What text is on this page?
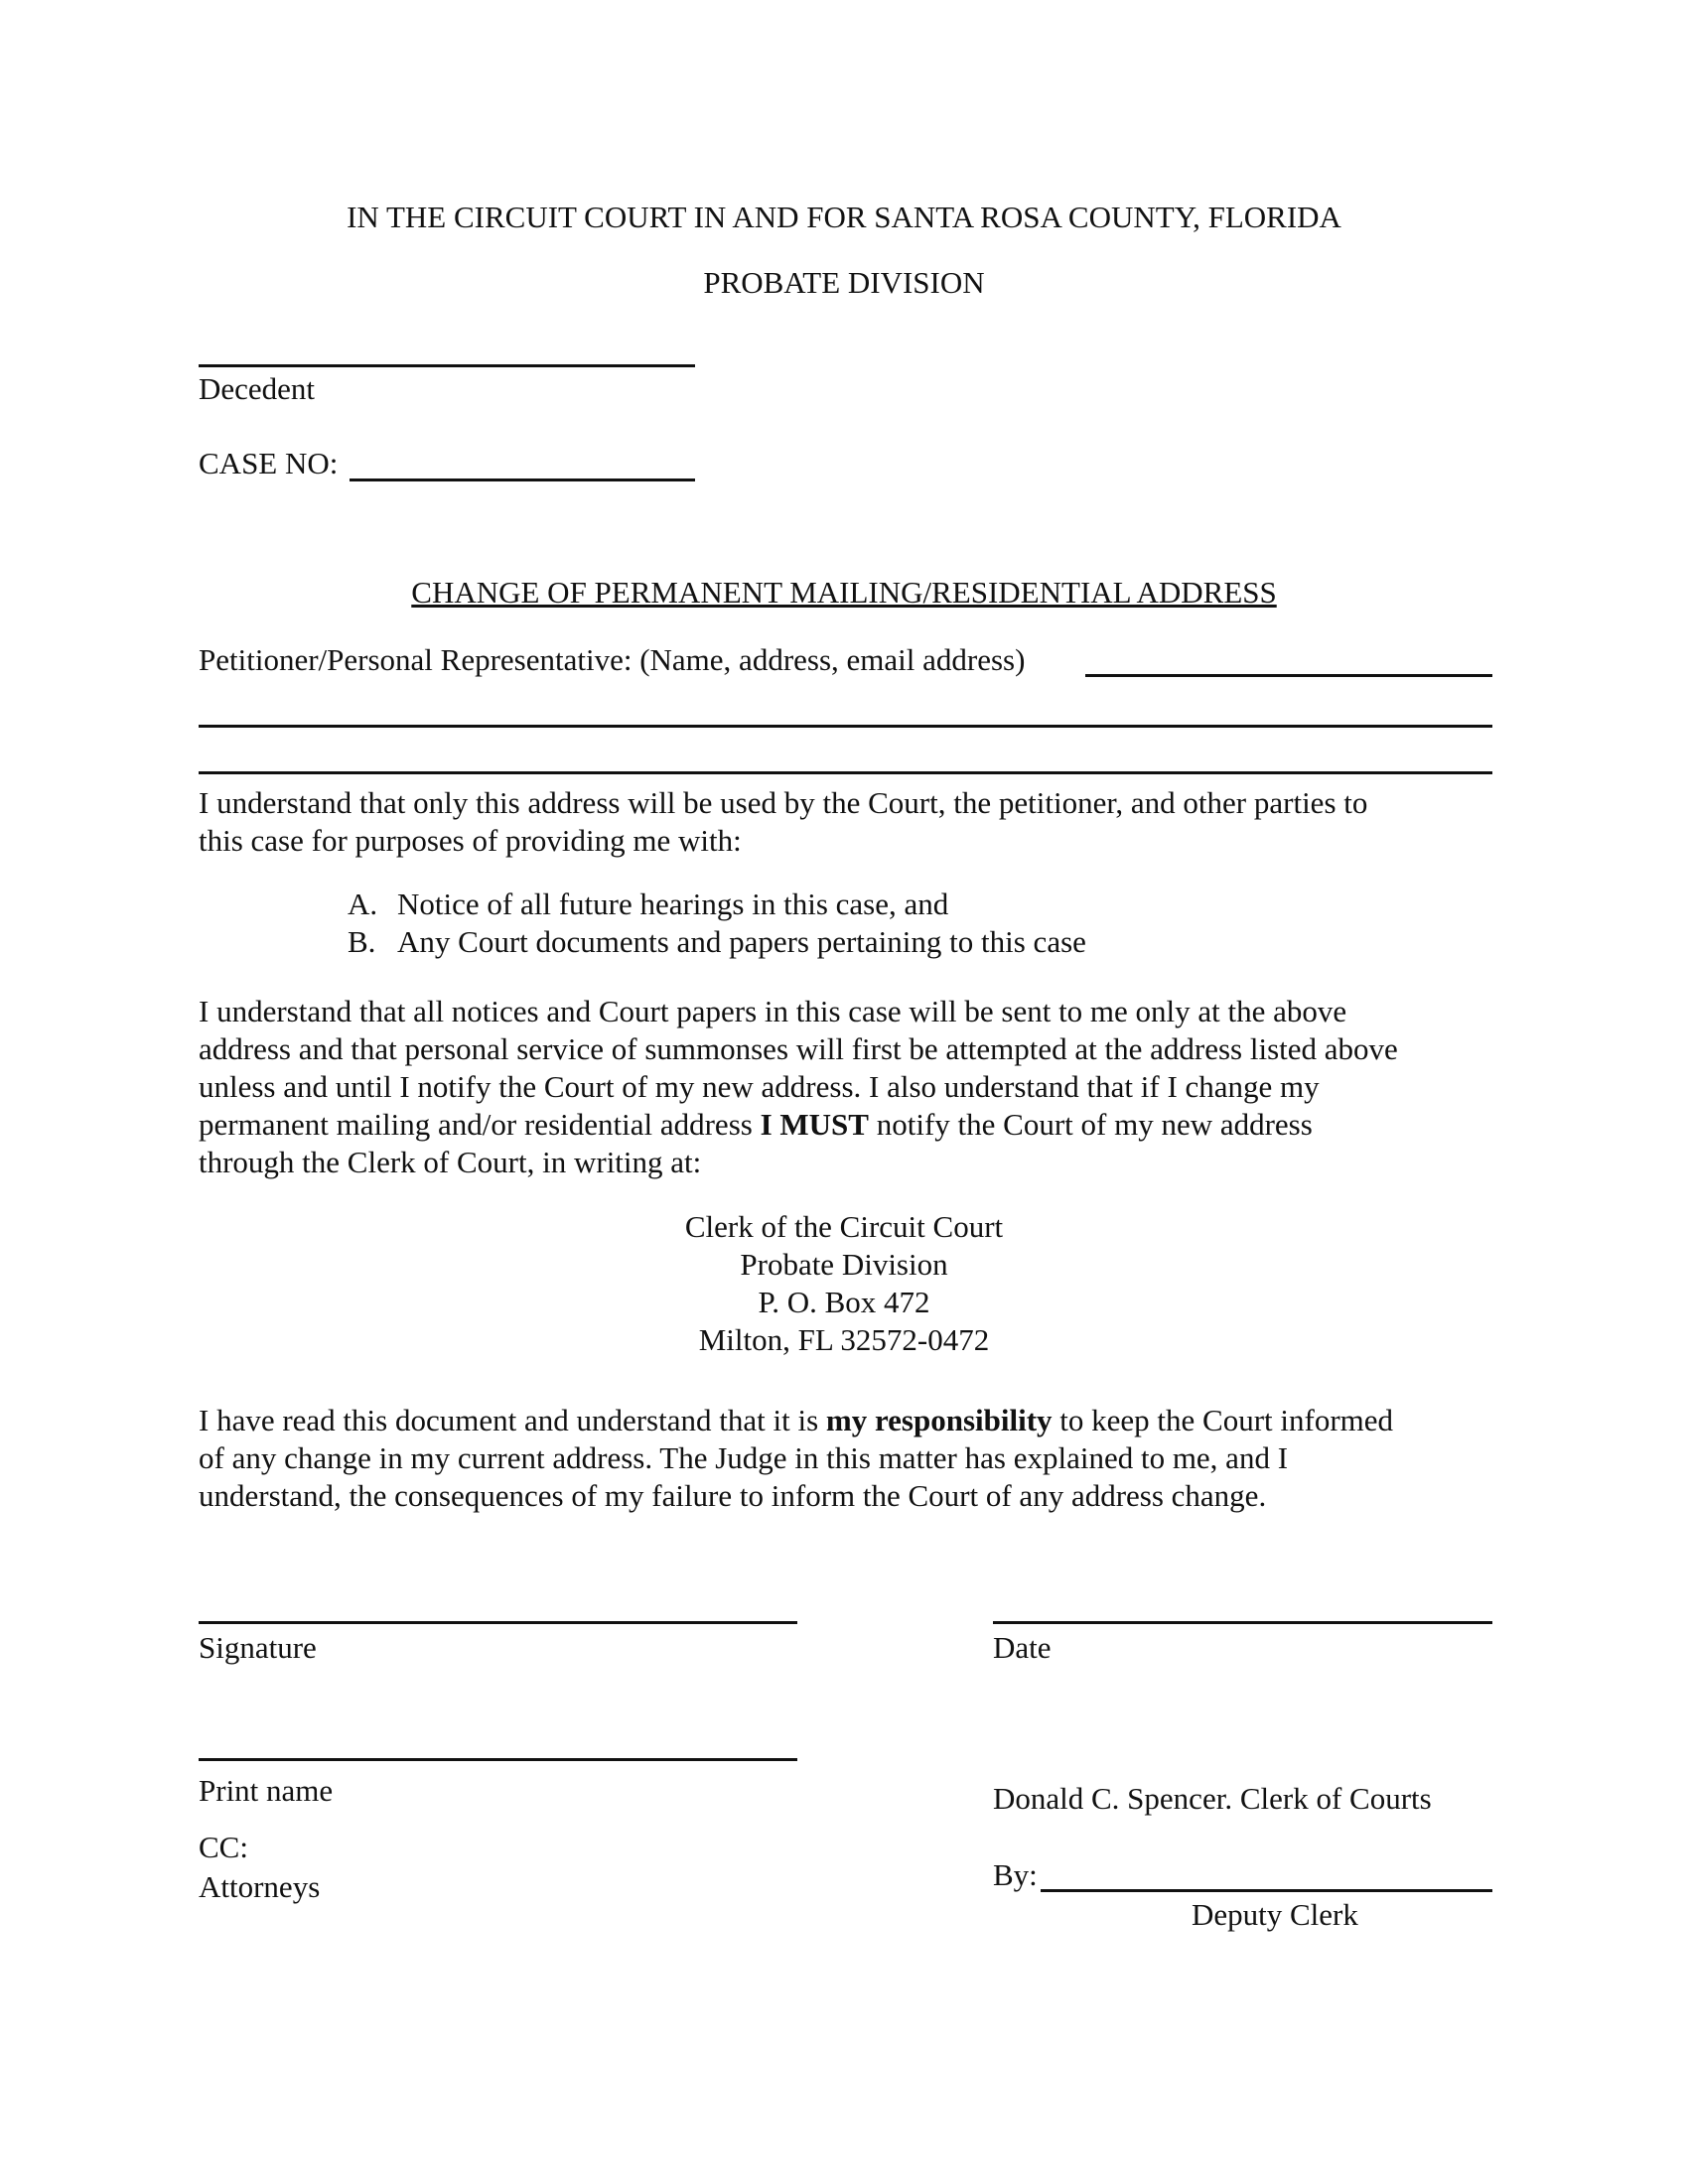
IN THE CIRCUIT COURT IN AND FOR SANTA ROSA COUNTY, FLORIDA
PROBATE DIVISION
Decedent
CASE NO:
CHANGE OF PERMANENT MAILING/RESIDENTIAL ADDRESS
Petitioner/Personal Representative: (Name, address, email address)
I understand that only this address will be used by the Court, the petitioner, and other parties to
this case for purposes of providing me with:
A. Notice of all future hearings in this case, and
B. Any Court documents and papers pertaining to this case
I understand that all notices and Court papers in this case will be sent to me only at the above
address and that personal service of summonses will first be attempted at the address listed above
unless and until I notify the Court of my new address. I also understand that if I change my
permanent mailing and/or residential address I MUST notify the Court of my new address
through the Clerk of Court, in writing at:
Clerk of the Circuit Court
Probate Division
P. O. Box 472
Milton, FL 32572-0472
I have read this document and understand that it is my responsibility to keep the Court informed
of any change in my current address. The Judge in this matter has explained to me, and I
understand, the consequences of my failure to inform the Court of any address change.
Signature	Date
Print name	Donald C. Spencer. Clerk of Courts
CC:
Attorneys	By:
Deputy Clerk
